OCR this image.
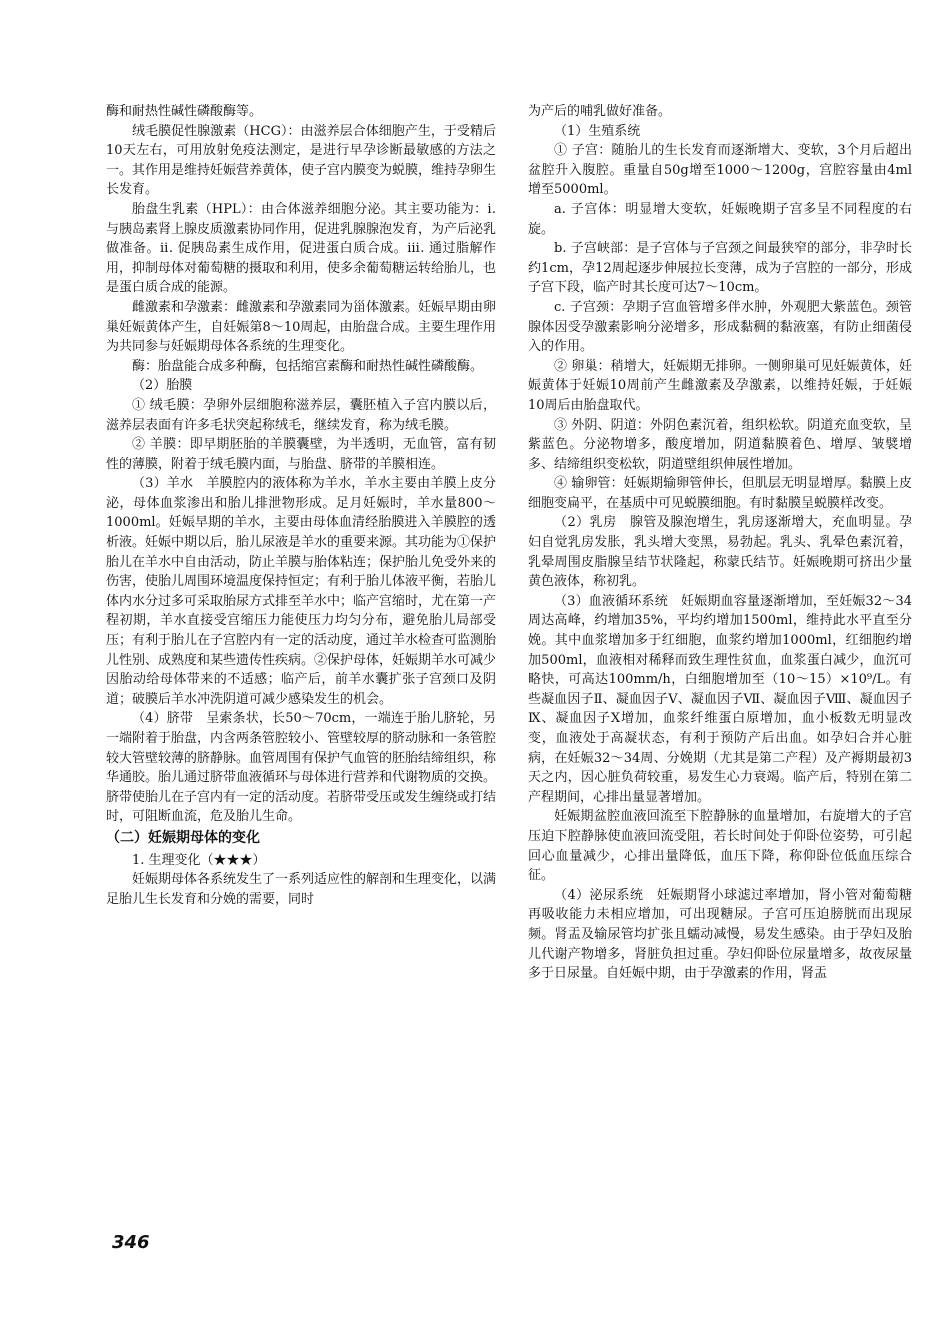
酶和耐热性碱性磷酸酶等。

绒毛膜促性腺激素（HCG）：由滋养层合体细胞产生，于受精后10天左右，可用放射免疫法测定，是进行早孕诊断最敏感的方法之一。其作用是维持妊娠营养黄体，使子宫内膜变为蜕膜，维持孕卵生长发育。

胎盘生乳素（HPL）：由合体滋养细胞分泌。其主要功能为：ⅰ. 与胰岛素肾上腺皮质激素协同作用，促进乳腺腺泡发育，为产后泌乳做准备。ⅱ. 促胰岛素生成作用，促进蛋白质合成。ⅲ. 通过脂解作用，抑制母体对葡萄糖的摄取和利用，使多余葡萄糖运转给胎儿，也是蛋白质合成的能源。

雌激素和孕激素：雌激素和孕激素同为甾体激素。妊娠早期由卵巢妊娠黄体产生，自妊娠第8～10周起，由胎盘合成。主要生理作用为共同参与妊娠期母体各系统的生理变化。

酶：胎盘能合成多种酶，包括缩宫素酶和耐热性碱性磷酸酶。

（2）胎膜

① 绒毛膜：孕卵外层细胞称滋养层，囊胚植入子宫内膜以后，滋养层表面有许多毛状突起称绒毛，继续发育，称为绒毛膜。

② 羊膜：即早期胚胎的羊膜囊壁，为半透明，无血管，富有韧性的薄膜，附着于绒毛膜内面，与胎盘、脐带的羊膜相连。

（3）羊水　羊膜腔内的液体称为羊水，羊水主要由羊膜上皮分泌，母体血浆渗出和胎儿排泄物形成。足月妊娠时，羊水量800～1000ml。妊娠早期的羊水，主要由母体血清经胎膜进入羊膜腔的透析液。妊娠中期以后，胎儿尿液是羊水的重要来源。其功能为①保护胎儿在羊水中自由活动，防止羊膜与胎体粘连；保护胎儿免受外来的伤害，使胎儿周围环境温度保持恒定；有利于胎儿体液平衡，若胎儿体内水分过多可采取胎尿方式排至羊水中；临产宫缩时，尤在第一产程初期，羊水直接受宫缩压力能使压力均匀分布，避免胎儿局部受压；有利于胎儿在子宫腔内有一定的活动度，通过羊水检查可监测胎儿性别、成熟度和某些遗传性疾病。②保护母体，妊娠期羊水可减少因胎动给母体带来的不适感；临产后，前羊水囊扩张子宫颈口及阴道；破膜后羊水冲洗阴道可减少感染发生的机会。

（4）脐带　呈索条状，长50～70cm，一端连于胎儿脐轮，另一端附着于胎盘，内含两条管腔较小、管壁较厚的脐动脉和一条管腔较大管壁较薄的脐静脉。血管周围有保护气血管的胚胎结缔组织，称华通胶。胎儿通过脐带血液循环与母体进行营养和代谢物质的交换。脐带使胎儿在子宫内有一定的活动度。若脐带受压或发生缠绕或打结时，可阻断血流，危及胎儿生命。

（二）妊娠期母体的变化

1. 生理变化（★★★）

妊娠期母体各系统发生了一系列适应性的解剖和生理变化，以满足胎儿生长发育和分娩的需要，同时

为产后的哺乳做好准备。

（1）生殖系统

① 子宫：随胎儿的生长发育而逐渐增大、变软，3个月后超出盆腔升入腹腔。重量自50g增至1000～1200g，宫腔容量由4ml增至5000ml。

a. 子宫体：明显增大变软，妊娠晚期子宫多呈不同程度的右旋。

b. 子宫峡部：是子宫体与子宫颈之间最狭窄的部分，非孕时长约1cm，孕12周起逐步伸展拉长变薄，成为子宫腔的一部分，形成子宫下段，临产时其长度可达7～10cm。

c. 子宫颈：孕期子宫血管增多伴水肿，外观肥大紫蓝色。颈管腺体因受孕激素影响分泌增多，形成黏稠的黏液塞，有防止细菌侵入的作用。

② 卵巢：稍增大，妊娠期无排卵。一侧卵巢可见妊娠黄体，妊娠黄体于妊娠10周前产生雌激素及孕激素，以维持妊娠，于妊娠10周后由胎盘取代。

③ 外阴、阴道：外阴色素沉着，组织松软。阴道充血变软，呈紫蓝色。分泌物增多，酸度增加，阴道黏膜着色、增厚、皱襞增多、结缔组织变松软，阴道壁组织伸展性增加。

④ 输卵管：妊娠期输卵管伸长，但肌层无明显增厚。黏膜上皮细胞变扁平，在基质中可见蜕膜细胞。有时黏膜呈蜕膜样改变。

（2）乳房　腺管及腺泡增生，乳房逐渐增大，充血明显。孕妇自觉乳房发胀，乳头增大变黑，易勃起。乳头、乳晕色素沉着，乳晕周围皮脂腺呈结节状隆起，称蒙氏结节。妊娠晚期可挤出少量黄色液体，称初乳。

（3）血液循环系统　妊娠期血容量逐渐增加，至妊娠32～34周达高峰，约增加35%，平均约增加1500ml，维持此水平直至分娩。其中血浆增加多于红细胞，血浆约增加1000ml，红细胞约增加500ml，血液相对稀释而致生理性贫血，血浆蛋白减少，血沉可略快，可高达100mm/h，白细胞增加至（10～15）×10⁹/L。有些凝血因子Ⅱ、凝血因子Ⅴ、凝血因子Ⅶ、凝血因子Ⅷ、凝血因子Ⅸ、凝血因子Ⅹ增加，血浆纤维蛋白原增加，血小板数无明显改变，血液处于高凝状态，有利于预防产后出血。如孕妇合并心脏病，在妊娠32～34周、分娩期（尤其是第二产程）及产褥期最初3天之内，因心脏负荷较重，易发生心力衰竭。临产后，特别在第二产程期间，心排出量显著增加。

妊娠期盆腔血液回流至下腔静脉的血量增加，右旋增大的子宫压迫下腔静脉使血液回流受阻，若长时间处于仰卧位姿势，可引起回心血量减少，心排出量降低，血压下降，称仰卧位低血压综合征。

（4）泌尿系统　妊娠期肾小球滤过率增加，肾小管对葡萄糖再吸收能力未相应增加，可出现糖尿。子宫可压迫膀胱而出现尿频。肾盂及输尿管均扩张且蠕动减慢，易发生感染。由于孕妇及胎儿代谢产物增多，肾脏负担过重。孕妇仰卧位尿量增多，故夜尿量多于日尿量。自妊娠中期，由于孕激素的作用，肾盂

346
